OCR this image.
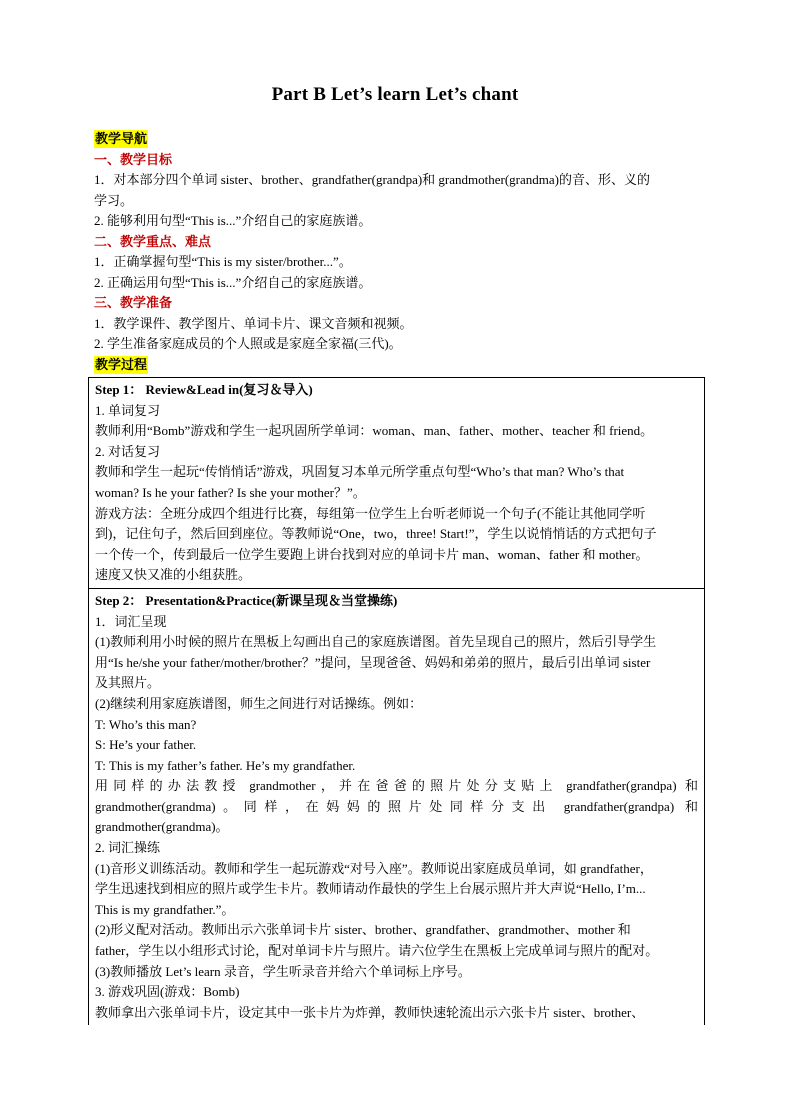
Part B Let’s learn Let’s chant
教学导航
一、教学目标
1．对本部分四个单词 sister、brother、grandfather(grandpa)和 grandmother(grandma)的音、形、义的
学习。
2. 能够利用句型“This is...”介绍自己的家庭族谱。
二、教学重点、难点
1．正确掌握句型“This is my sister/brother...”。
2. 正确运用句型“This is...”介绍自己的家庭族谱。
三、教学准备
1．教学课件、教学图片、单词卡片、课文音频和视频。
2. 学生准备家庭成员的个人照或是家庭全家福(三代)。
教学过程
Step 1： Review&Lead in(复习＆导入)
1. 单词复习
教师利用“Bomb”游戏和学生一起巩固所学单词：woman、man、father、mother、teacher 和 friend。
2. 对话复习
教师和学生一起玩“传悄悄话”游戏，巩固复习本单元所学重点句型“Who’s that man? Who’s that
woman? Is he your father? Is she your mother？”。
游戏方法：全班分成四个组进行比赛，每组第一位学生上台听老师说一个句子(不能让其他同学听
到)，记住句子，然后回到座位。等教师说“One，two，three! Start!”，学生以说悄悄话的方式把句子
一个传一个，传到最后一位学生要跑上讲台找到对应的单词卡片 man、woman、father 和 mother。
速度又快又准的小组获胜。
Step 2： Presentation&Practice(新课呈现＆当堂操练)
1．词汇呈现
(1)教师利用小时候的照片在黑板上勾画出自己的家庭族谱图。首先呈现自己的照片，然后引导学生
用“Is he/she your father/mother/brother？”提问，呈现爸爸、妈妈和弟弟的照片，最后引出单词 sister
及其照片。
(2)继续利用家庭族谱图，师生之间进行对话操练。例如：
T: Who’s this man?
S: He’s your father.
T: This is my father’s father. He’s my grandfather.
用同样的办法教授 grandmother，并在爸爸的照片处分支贴上 grandfather(grandpa) 和
grandmother(grandma)。同样，在妈妈的照片处同样分支出 grandfather(grandpa) 和
grandmother(grandma)。
2. 词汇操练
(1)音形义训练活动。教师和学生一起玩游戏“对号入座”。教师说出家庭成员单词，如 grandfather，
学生迅速找到相应的照片或学生卡片。教师请动作最快的学生上台展示照片并大声说“Hello, I’m...
This is my grandfather.”。
(2)形义配对活动。教师出示六张单词卡片 sister、brother、grandfather、grandmother、mother 和
father，学生以小组形式讨论，配对单词卡片与照片。请六位学生在黑板上完成单词与照片的配对。
(3)教师播放 Let’s learn 录音，学生听录音并给六个单词标上序号。
3. 游戏巩固(游戏：Bomb)
教师拿出六张单词卡片，设定其中一张卡片为炸弹，教师快速轮流出示六张卡片 sister、brother、
